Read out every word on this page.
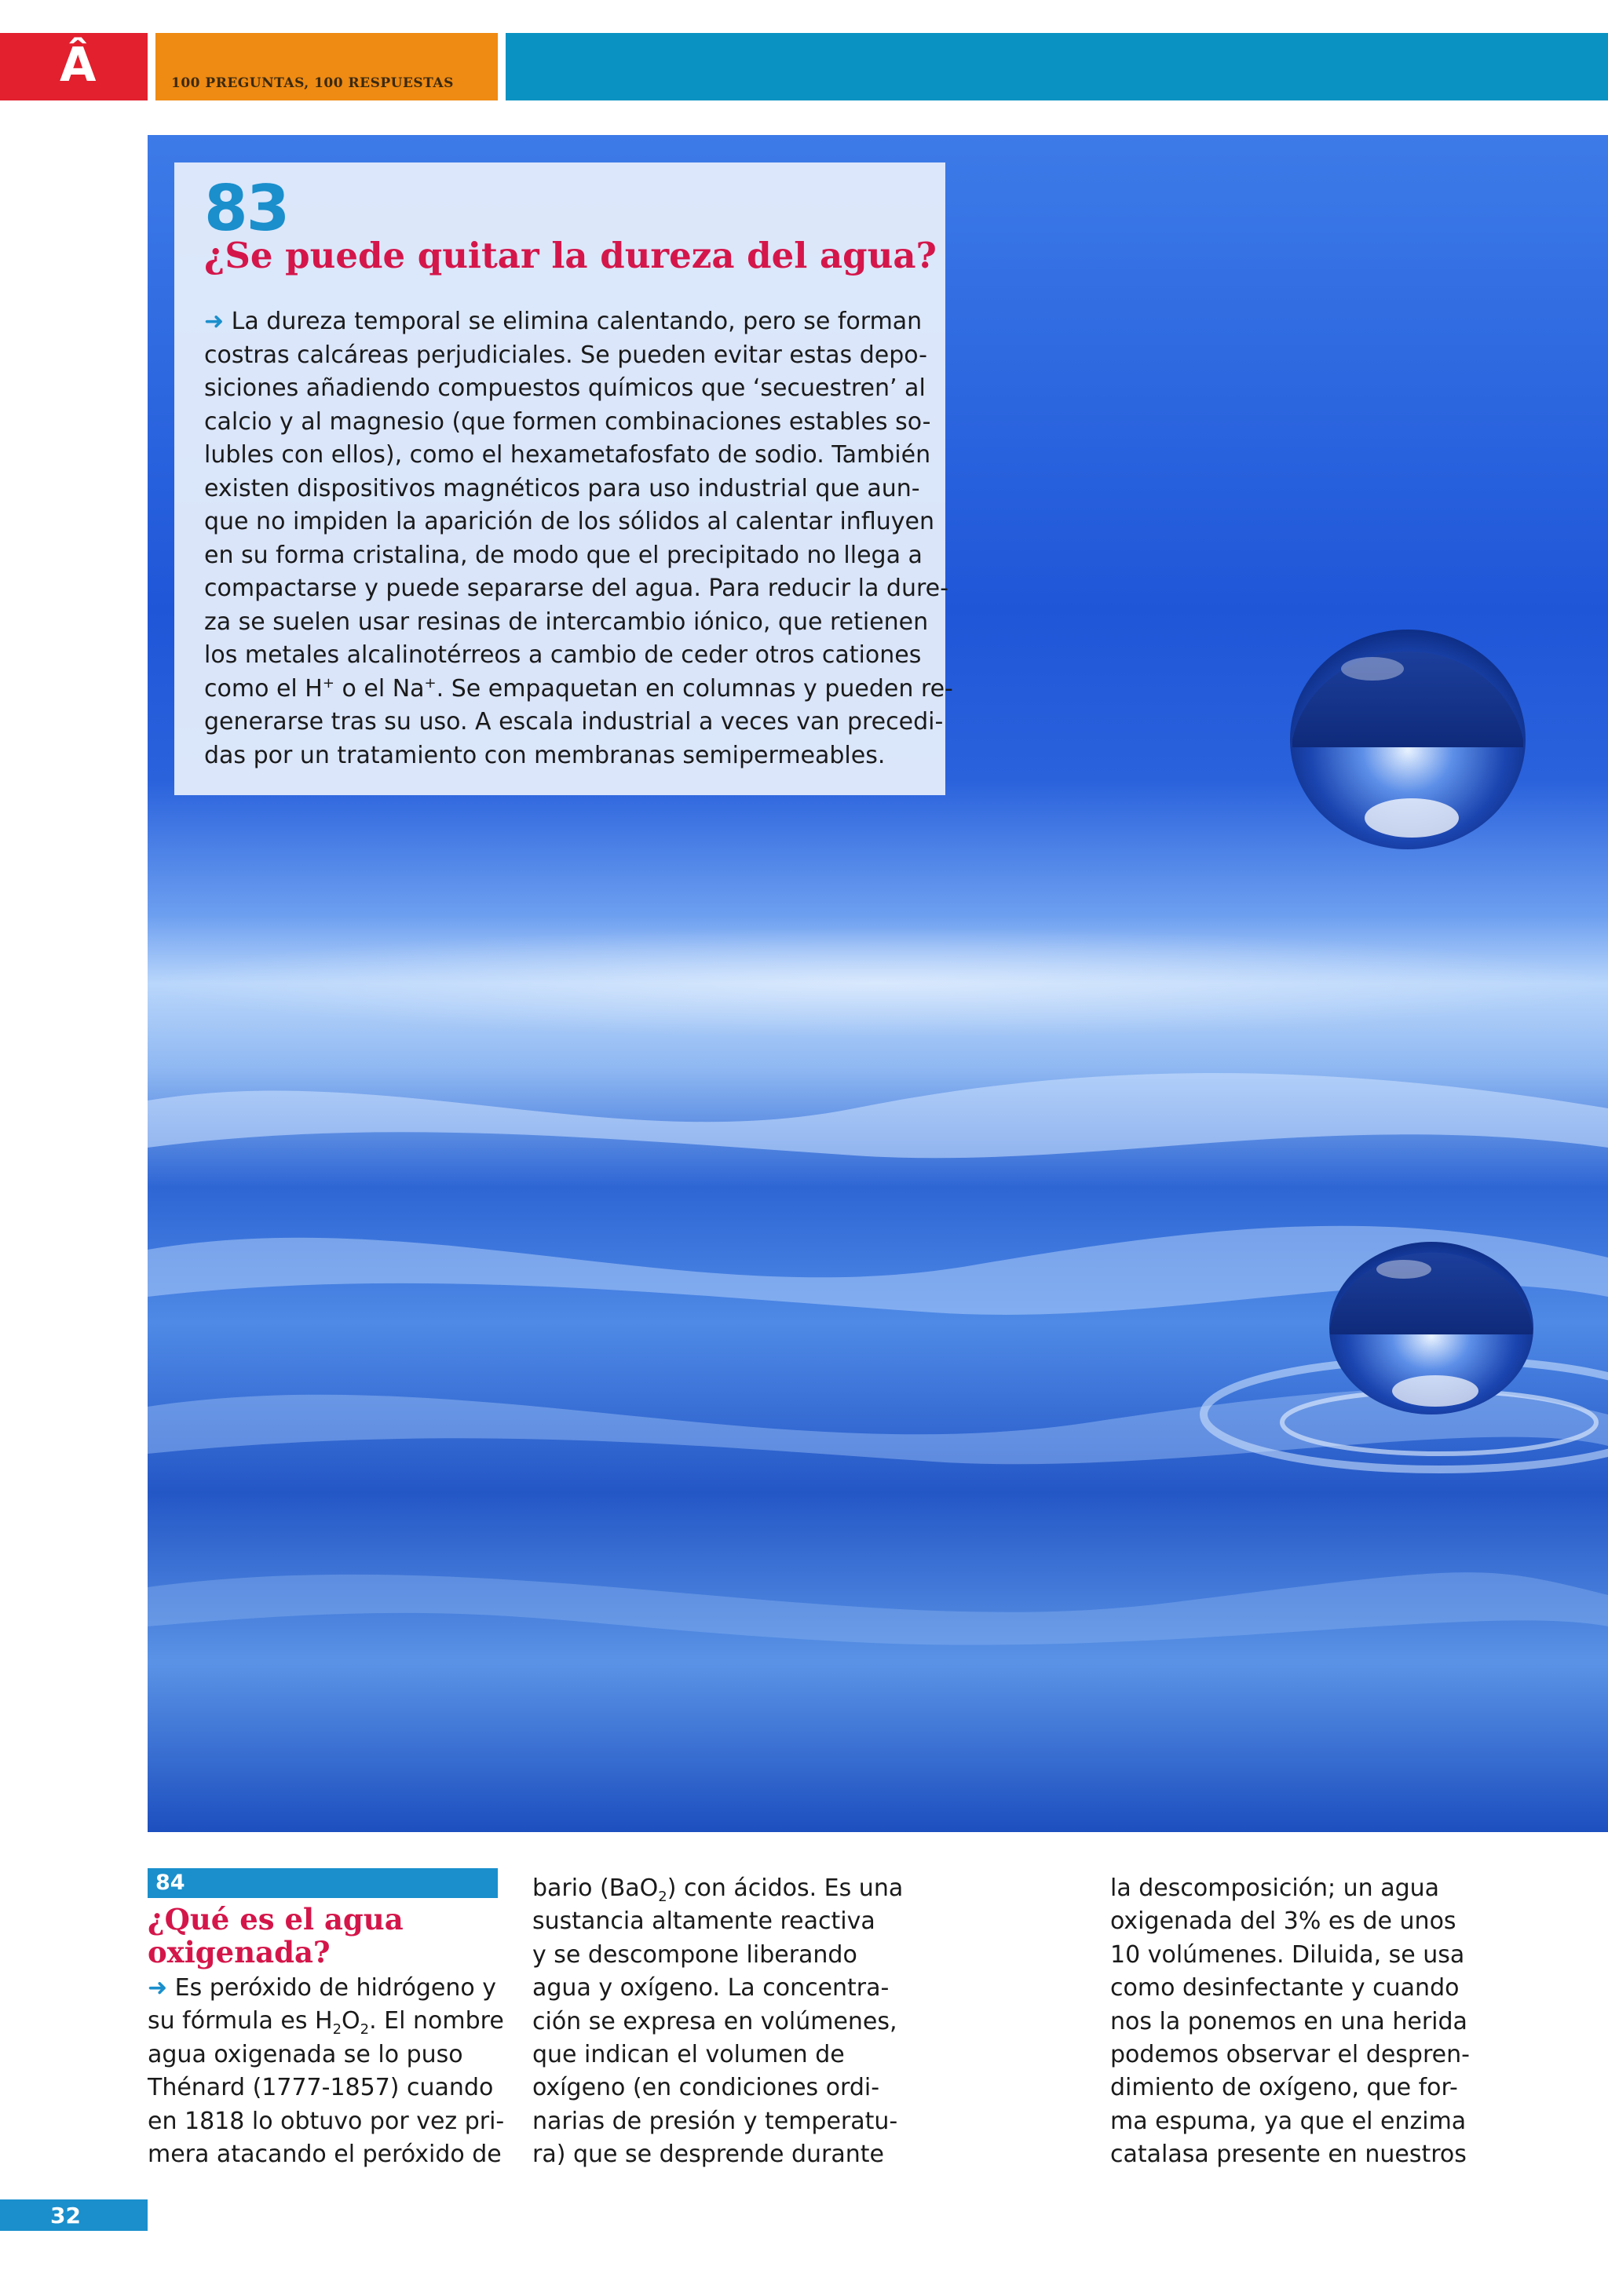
Â	100 PREGUNTAS, 100 RESPUESTAS
83
¿Se puede quitar la dureza del agua?
➜ La dureza temporal se elimina calentando, pero se forman
costras calcáreas perjudiciales. Se pueden evitar estas depo-
siciones añadiendo compuestos químicos que ‘secuestren’ al
calcio y al magnesio (que formen combinaciones estables so-
lubles con ellos), como el hexametafosfato de sodio. También
existen dispositivos magnéticos para uso industrial que aun-
que no impiden la aparición de los sólidos al calentar influyen
en su forma cristalina, de modo que el precipitado no llega a
compactarse y puede separarse del agua. Para reducir la dure-
za se suelen usar resinas de intercambio iónico, que retienen
los metales alcalinotérreos a cambio de ceder otros cationes
como el H+ o el Na+. Se empaquetan en columnas y pueden re-
generarse tras su uso. A escala industrial a veces van precedi-
das por un tratamiento con membranas semipermeables.
84
¿Qué es el agua
oxigenada?
➜ Es peróxido de hidrógeno y
su fórmula es $H_2O_2$. El nombre
agua oxigenada se lo puso
Thénard (1777-1857) cuando
en 1818 lo obtuvo por vez pri-
mera atacando el peróxido de
bario (BaO$_2$) con ácidos. Es una
sustancia altamente reactiva
y se descompone liberando
agua y oxígeno. La concentra-
ción se expresa en volúmenes,
que indican el volumen de
oxígeno (en condiciones ordi-
narias de presión y temperatu-
ra) que se desprende durante
la descomposición; un agua
oxigenada del 3% es de unos
10 volúmenes. Diluida, se usa
como desinfectante y cuando
nos la ponemos en una herida
podemos observar el despren-
dimiento de oxígeno, que for-
ma espuma, ya que el enzima
catalasa presente en nuestros
32
